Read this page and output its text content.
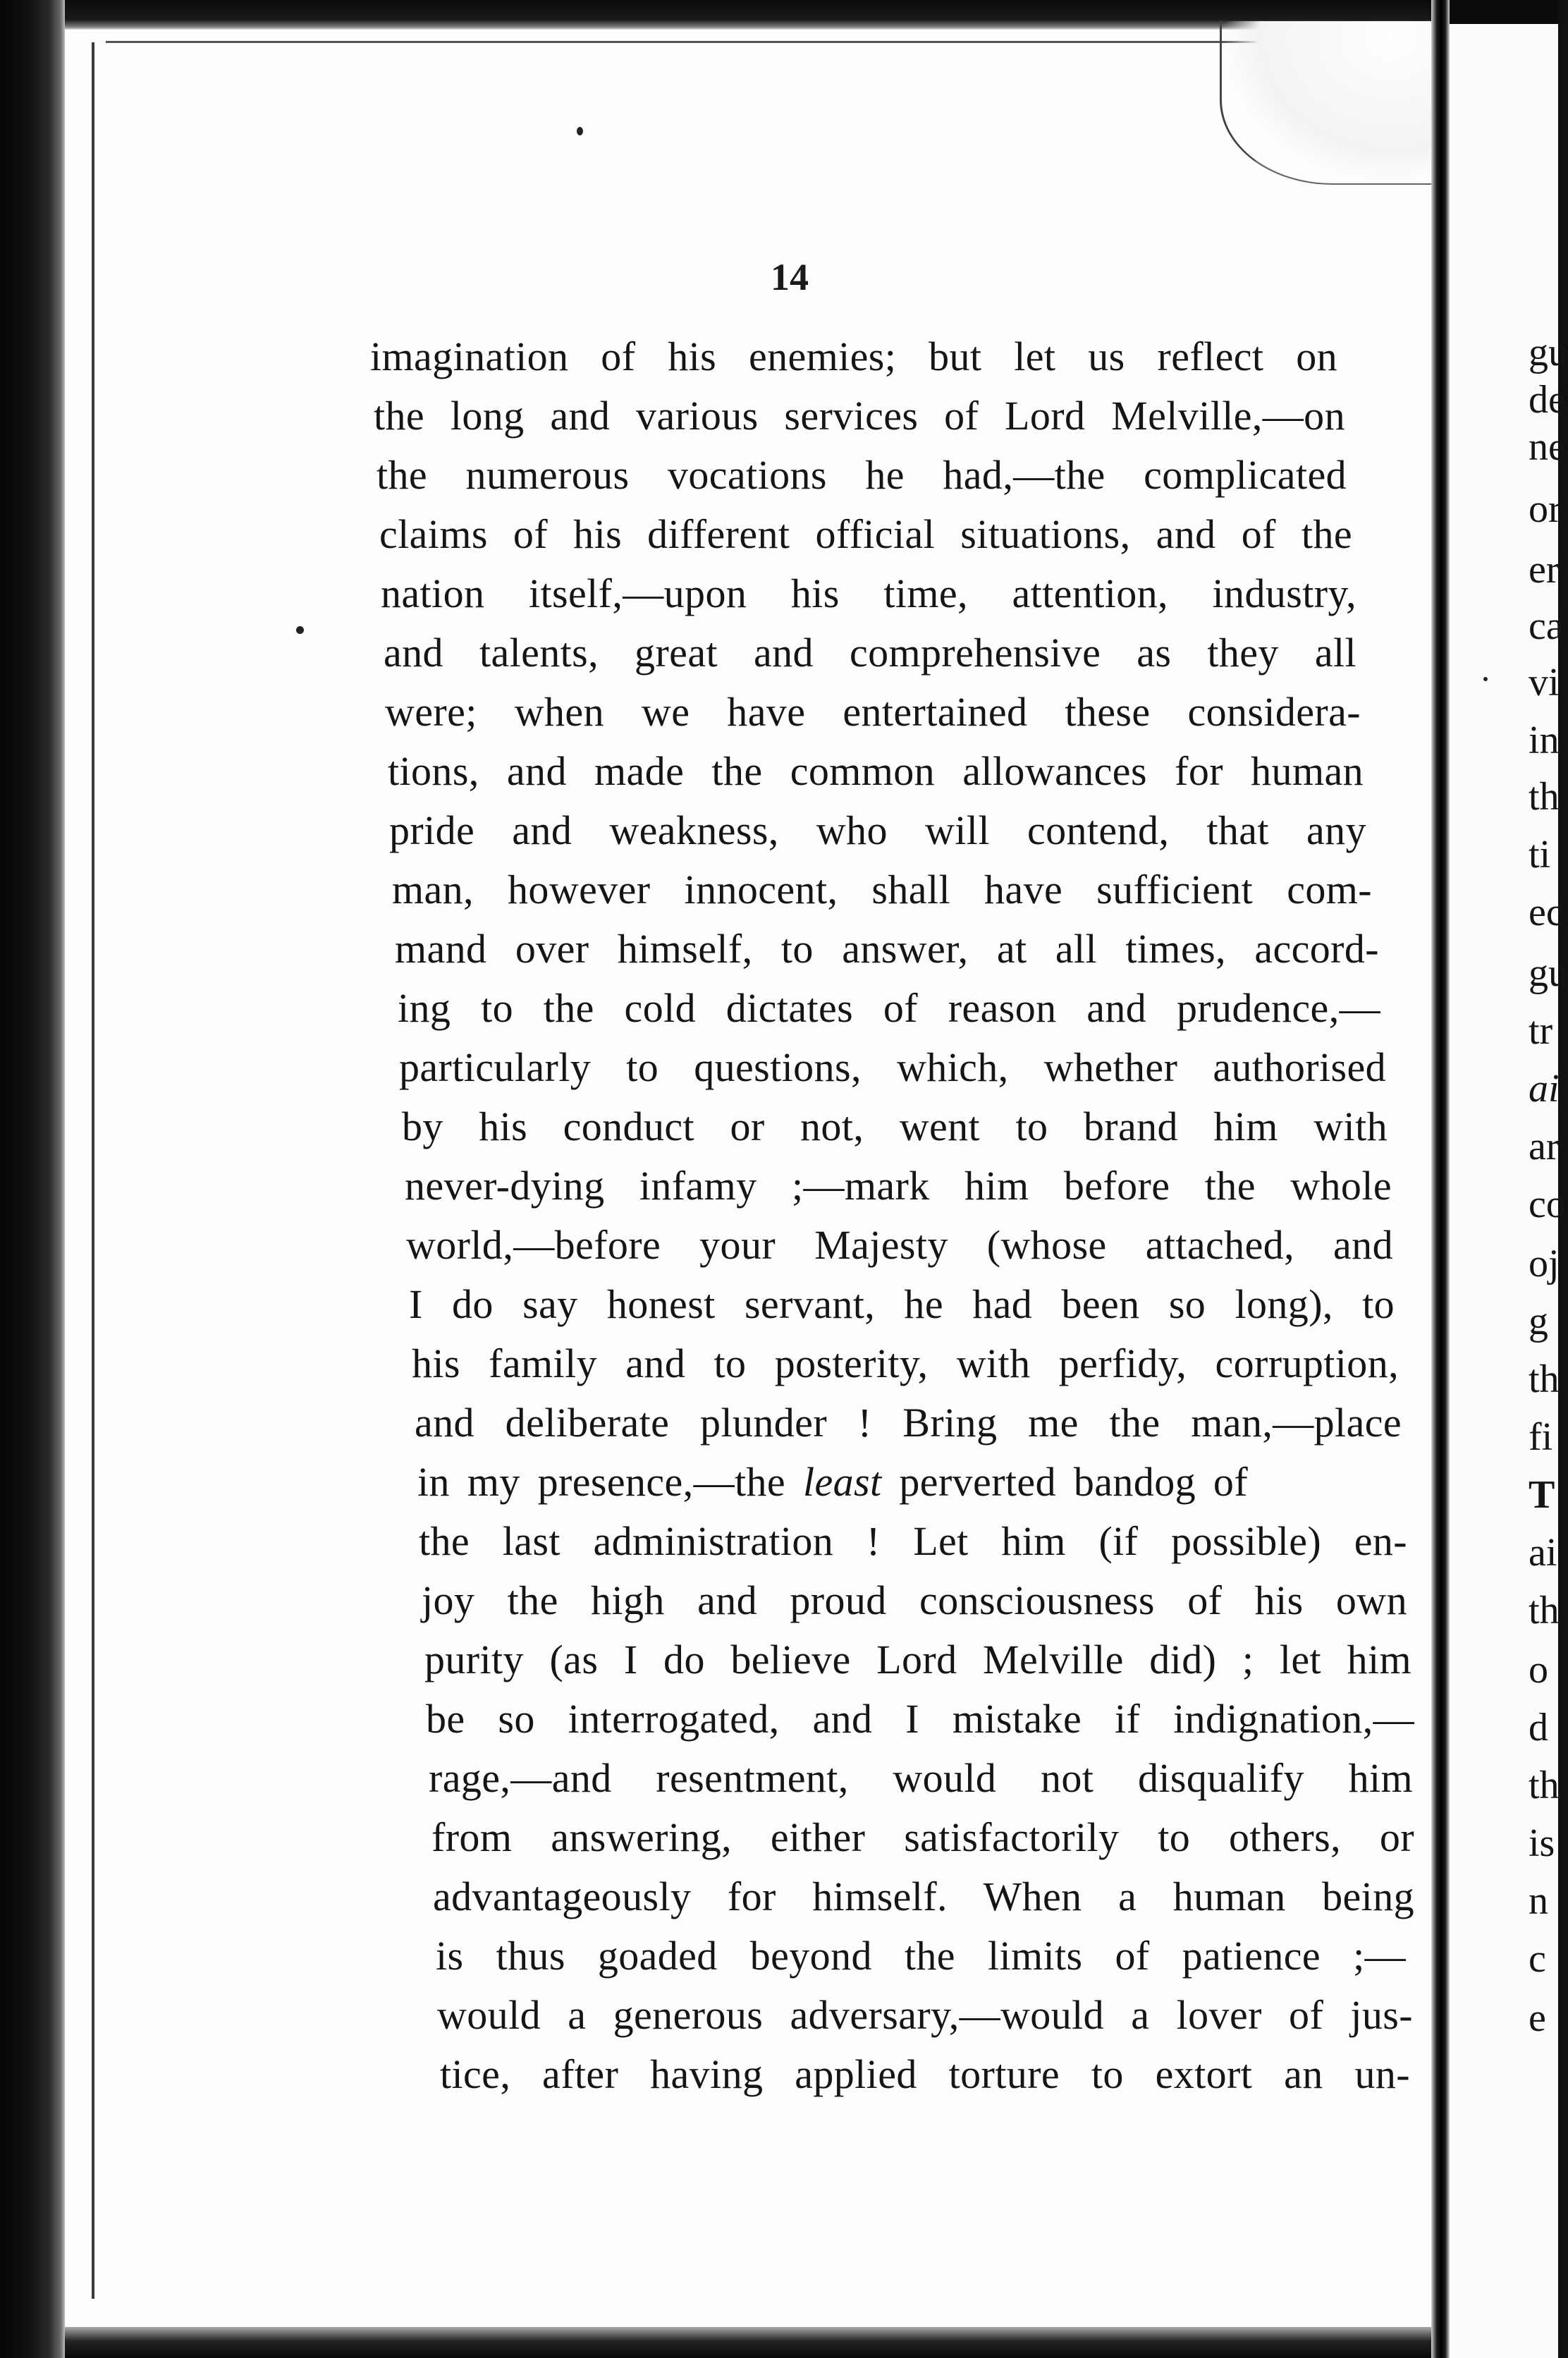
14
imagination of his enemies; but let us reflect on
the long and various services of Lord Melville,—on
the numerous vocations he had,—the complicated
claims of his different official situations, and of the
nation itself,—upon his time, attention, industry,
and talents, great and comprehensive as they all
were; when we have entertained these considera-
tions, and made the common allowances for human
pride and weakness, who will contend, that any
man, however innocent, shall have sufficient com-
mand over himself, to answer, at all times, accord-
ing to the cold dictates of reason and prudence,—
particularly to questions, which, whether authorised
by his conduct or not, went to brand him with
never-dying infamy ;—mark him before the whole
world,—before your Majesty (whose attached, and
I do say honest servant, he had been so long), to
his family and to posterity, with perfidy, corruption,
and deliberate plunder ! Bring me the man,—place
in my presence,—the least perverted bandog of
the last administration ! Let him (if possible) en-
joy the high and proud consciousness of his own
purity (as I do believe Lord Melville did) ; let him
be so interrogated, and I mistake if indignation,—
rage,—and resentment, would not disqualify him
from answering, either satisfactorily to others, or
advantageously for himself. When a human being
is thus goaded beyond the limits of patience ;—
would a generous adversary,—would a lover of jus-
tice, after having applied torture to extort an un-
gu
de
ne
or
er
ca
vi
in
th
ti
ec
gu
tr
ai
ar
co
oj
g
th
fi
T
ai
th
o
d
th
is
n
c
e
